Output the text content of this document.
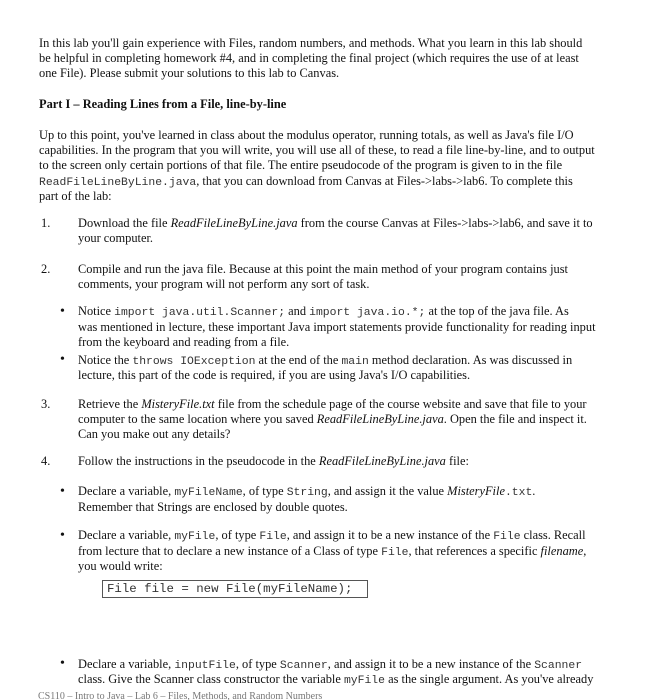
In this lab you'll gain experience with Files, random numbers, and methods. What you learn in this lab should
be helpful in completing homework #4, and in completing the final project (which requires the use of at least
one File). Please submit your solutions to this lab to Canvas.
Part I – Reading Lines from a File, line-by-line
Up to this point, you've learned in class about the modulus operator, running totals, as well as Java's file I/O
capabilities. In the program that you will write, you will use all of these, to read a file line-by-line, and to output
to the screen only certain portions of that file. The entire pseudocode of the program is given to in the file
ReadFileLineByLine.java, that you can download from Canvas at Files->labs->lab6. To complete this
part of the lab:
1. Download the file ReadFileLineByLine.java from the course Canvas at Files->labs->lab6, and save it to
your computer.
2. Compile and run the java file. Because at this point the main method of your program contains just
comments, your program will not perform any sort of task.
• Notice import java.util.Scanner; and import java.io.*; at the top of the java file. As
was mentioned in lecture, these important Java import statements provide functionality for reading input
from the keyboard and reading from a file.
• Notice the throws IOException at the end of the main method declaration. As was discussed in
lecture, this part of the code is required, if you are using Java's I/O capabilities.
3. Retrieve the MisteryFile.txt file from the schedule page of the course website and save that file to your
computer to the same location where you saved ReadFileLineByLine.java. Open the file and inspect it.
Can you make out any details?
4. Follow the instructions in the pseudocode in the ReadFileLineByLine.java file:
• Declare a variable, myFileName, of type String, and assign it the value MisteryFile.txt.
Remember that Strings are enclosed by double quotes.
• Declare a variable, myFile, of type File, and assign it to be a new instance of the File class. Recall
from lecture that to declare a new instance of a Class of type File, that references a specific filename,
you would write:
File file = new File(myFileName);
• Declare a variable, inputFile, of type Scanner, and assign it to be a new instance of the Scanner
class. Give the Scanner class constructor the variable myFile as the single argument. As you've already
CS110 – Intro to Java – Lab 6 – Files, Methods, and Random Numbers
